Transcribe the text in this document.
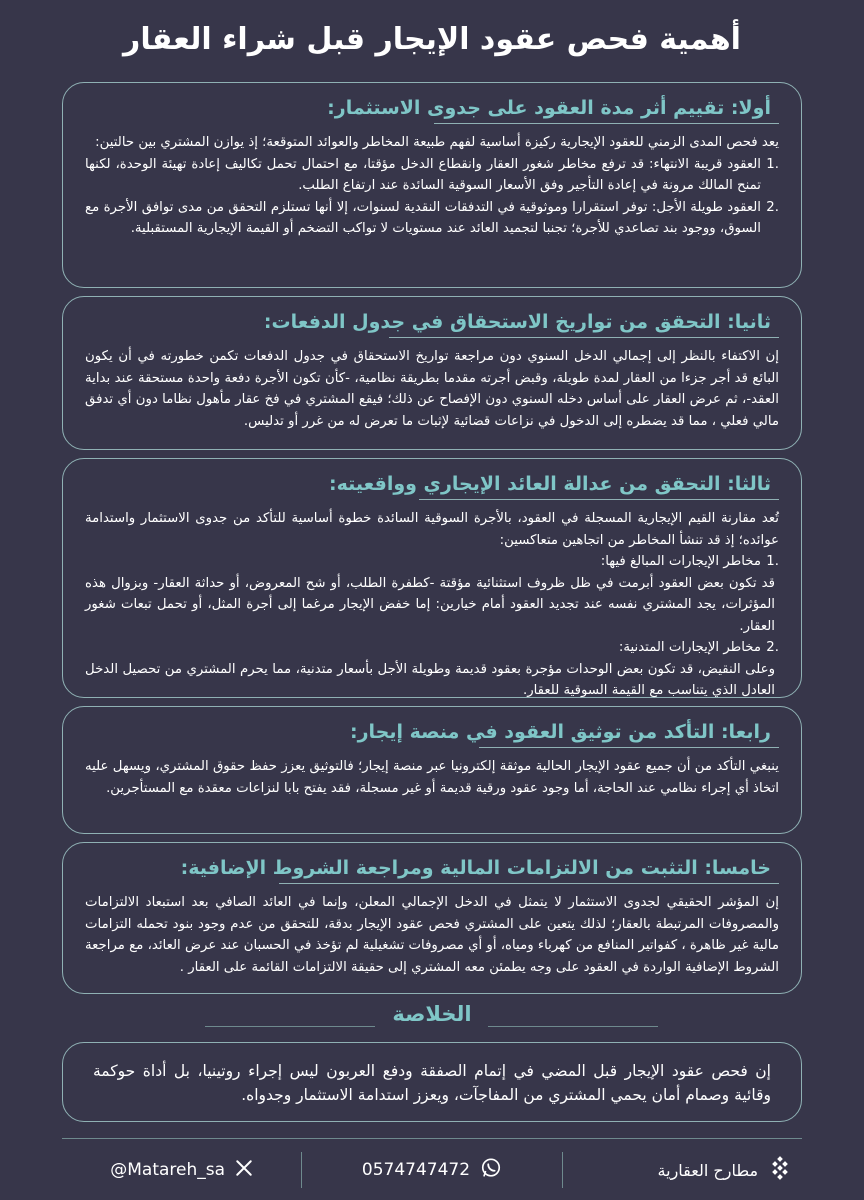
أهمية فحص عقود الإيجار قبل شراء العقار
أولا: تقييم أثر مدة العقود على جدوى الاستثمار:
يعد فحص المدى الزمني للعقود الإيجارية ركيزة أساسية لفهم طبيعة المخاطر والعوائد المتوقعة؛ إذ يوازن المشتري بين حالتين:
.1
العقود قريبة الانتهاء: قد ترفع مخاطر شغور العقار وانقطاع الدخل مؤقتا، مع احتمال تحمل تكاليف إعادة تهيئة الوحدة، لكنها تمنح المالك مرونة في إعادة التأجير وفق الأسعار السوقية السائدة عند ارتفاع الطلب.
.2
العقود طويلة الأجل: توفر استقرارا وموثوقية في التدفقات النقدية لسنوات، إلا أنها تستلزم التحقق من مدى توافق الأجرة مع السوق، ووجود بند تصاعدي للأجرة؛ تجنبا لتجميد العائد عند مستويات لا تواكب التضخم أو القيمة الإيجارية المستقبلية.
ثانيا: التحقق من تواريخ الاستحقاق في جدول الدفعات:
إن الاكتفاء بالنظر إلى إجمالي الدخل السنوي دون مراجعة تواريخ الاستحقاق في جدول الدفعات تكمن خطورته في أن يكون البائع قد أجر جزءا من العقار لمدة طويلة، وقبض أجرته مقدما بطريقة نظامية، -كأن تكون الأجرة دفعة واحدة مستحقة عند بداية العقد-، ثم عرض العقار على أساس دخله السنوي دون الإفصاح عن ذلك؛ فيقع المشتري في فخ عقار مأهول نظاما دون أي تدفق مالي فعلي ، مما قد يضطره إلى الدخول في نزاعات قضائية لإثبات ما تعرض له من غرر أو تدليس.
ثالثا: التحقق من عدالة العائد الإيجاري وواقعيته:
تُعد مقارنة القيم الإيجارية المسجلة في العقود، بالأجرة السوقية السائدة خطوة أساسية للتأكد من جدوى الاستثمار واستدامة عوائده؛ إذ قد تنشأ المخاطر من اتجاهين متعاكسين:
.1
مخاطر الإيجارات المبالغ فيها:
قد تكون بعض العقود أبرمت في ظل ظروف استثنائية مؤقتة -كطفرة الطلب، أو شح المعروض، أو حداثة العقار- وبزوال هذه المؤثرات، يجد المشتري نفسه عند تجديد العقود أمام خيارين: إما خفض الإيجار مرغما إلى أجرة المثل، أو تحمل تبعات شغور العقار.
.2
مخاطر الإيجارات المتدنية:
وعلى النقيض، قد تكون بعض الوحدات مؤجرة بعقود قديمة وطويلة الأجل بأسعار متدنية، مما يحرم المشتري من تحصيل الدخل العادل الذي يتناسب مع القيمة السوقية للعقار.
رابعا: التأكد من توثيق العقود في منصة إيجار:
ينبغي التأكد من أن جميع عقود الإيجار الحالية موثقة إلكترونيا عبر منصة إيجار؛ فالتوثيق يعزز حفظ حقوق المشتري، ويسهل عليه اتخاذ أي إجراء نظامي عند الحاجة، أما وجود عقود ورقية قديمة أو غير مسجلة، فقد يفتح بابا لنزاعات معقدة مع المستأجرين.
خامسا: التثبت من الالتزامات المالية ومراجعة الشروط الإضافية:
إن المؤشر الحقيقي لجدوى الاستثمار لا يتمثل في الدخل الإجمالي المعلن، وإنما في العائد الصافي بعد استبعاد الالتزامات والمصروفات المرتبطة بالعقار؛ لذلك يتعين على المشتري فحص عقود الإيجار بدقة، للتحقق من عدم وجود بنود تحمله التزامات مالية غير ظاهرة ، كفواتير المنافع من كهرباء ومياه، أو أي مصروفات تشغيلية لم تؤخذ في الحسبان عند عرض العائد، مع مراجعة الشروط الإضافية الواردة في العقود على وجه يطمئن معه المشتري إلى حقيقة الالتزامات القائمة على العقار .
الخلاصة
إن فحص عقود الإيجار قبل المضي في إتمام الصفقة ودفع العربون ليس إجراء روتينيا، بل أداة حوكمة وقائية وصمام أمان يحمي المشتري من المفاجآت، ويعزز استدامة الاستثمار وجدواه.
@Matareh_sa	0574747472	مطارح العقارية
